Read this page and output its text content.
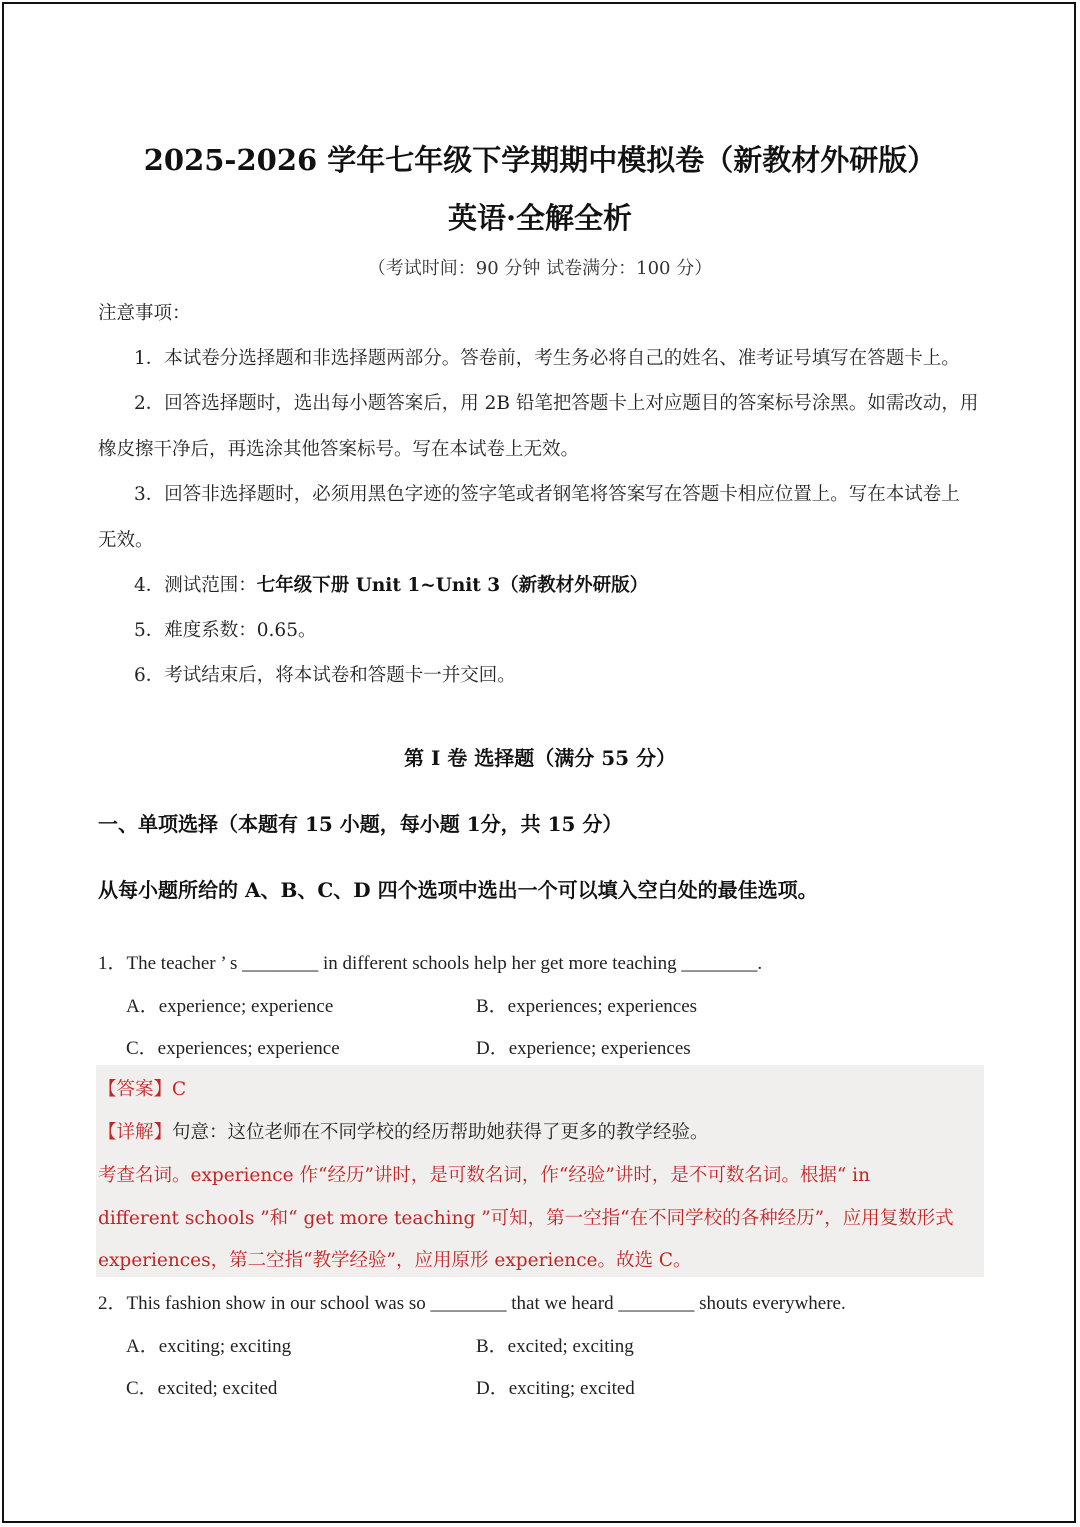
2025-2026 学年七年级下学期期中模拟卷（新教材外研版）
英语·全解全析
（考试时间：90 分钟 试卷满分：100 分）
注意事项：
1．本试卷分选择题和非选择题两部分。答卷前，考生务必将自己的姓名、准考证号填写在答题卡上。
2．回答选择题时，选出每小题答案后，用 2B 铅笔把答题卡上对应题目的答案标号涂黑。如需改动，用
橡皮擦干净后，再选涂其他答案标号。写在本试卷上无效。
3．回答非选择题时，必须用黑色字迹的签字笔或者钢笔将答案写在答题卡相应位置上。写在本试卷上
无效。
4．测试范围：七年级下册 Unit 1~Unit 3（新教材外研版）
5．难度系数：0.65。
6．考试结束后，将本试卷和答题卡一并交回。
第 I 卷 选择题（满分 55 分）
一、单项选择（本题有 15 小题，每小题 1分，共 15 分）
从每小题所给的 A、B、C、D 四个选项中选出一个可以填入空白处的最佳选项。
1．The teacher ’ s ________ in different schools help her get more teaching ________.
A．experience; experience	B．experiences; experiences
C．experiences; experience	D．experience; experiences
【答案】C
【详解】句意：这位老师在不同学校的经历帮助她获得了更多的教学经验。
考查名词。experience 作“经历”讲时，是可数名词，作“经验”讲时，是不可数名词。根据“ in
different schools ”和“ get more teaching ”可知，第一空指“在不同学校的各种经历”，应用复数形式
experiences，第二空指“教学经验”，应用原形 experience。故选 C。
2．This fashion show in our school was so ________ that we heard ________ shouts everywhere.
A．exciting; exciting	B．excited; exciting
C．excited; excited	D．exciting; excited
